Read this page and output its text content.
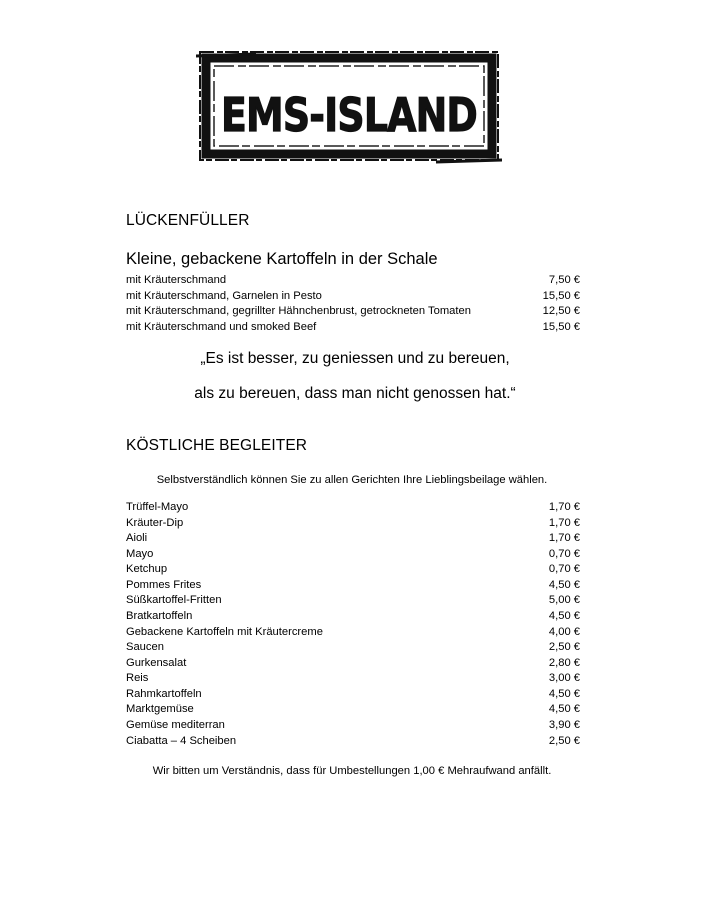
EMS-ISLAND
LÜCKENFÜLLER
Kleine, gebackene Kartoffeln in der Schale
mit Kräuterschmand	7,50 €
mit Kräuterschmand, Garnelen in Pesto	15,50 €
mit Kräuterschmand, gegrillter Hähnchenbrust, getrockneten Tomaten	12,50 €
mit Kräuterschmand und smoked Beef	15,50 €
„Es ist besser, zu geniessen und zu bereuen,
als zu bereuen, dass man nicht genossen hat.“
KÖSTLICHE BEGLEITER
Selbstverständlich können Sie zu allen Gerichten Ihre Lieblingsbeilage wählen.
Trüffel-Mayo	1,70 €
Kräuter-Dip	1,70 €
Aioli	1,70 €
Mayo	0,70 €
Ketchup	0,70 €
Pommes Frites	4,50 €
Süßkartoffel-Fritten	5,00 €
Bratkartoffeln	4,50 €
Gebackene Kartoffeln mit Kräutercreme	4,00 €
Saucen	2,50 €
Gurkensalat	2,80 €
Reis	3,00 €
Rahmkartoffeln	4,50 €
Marktgemüse	4,50 €
Gemüse mediterran	3,90 €
Ciabatta – 4 Scheiben	2,50 €
Wir bitten um Verständnis, dass für Umbestellungen 1,00 € Mehraufwand anfällt.
